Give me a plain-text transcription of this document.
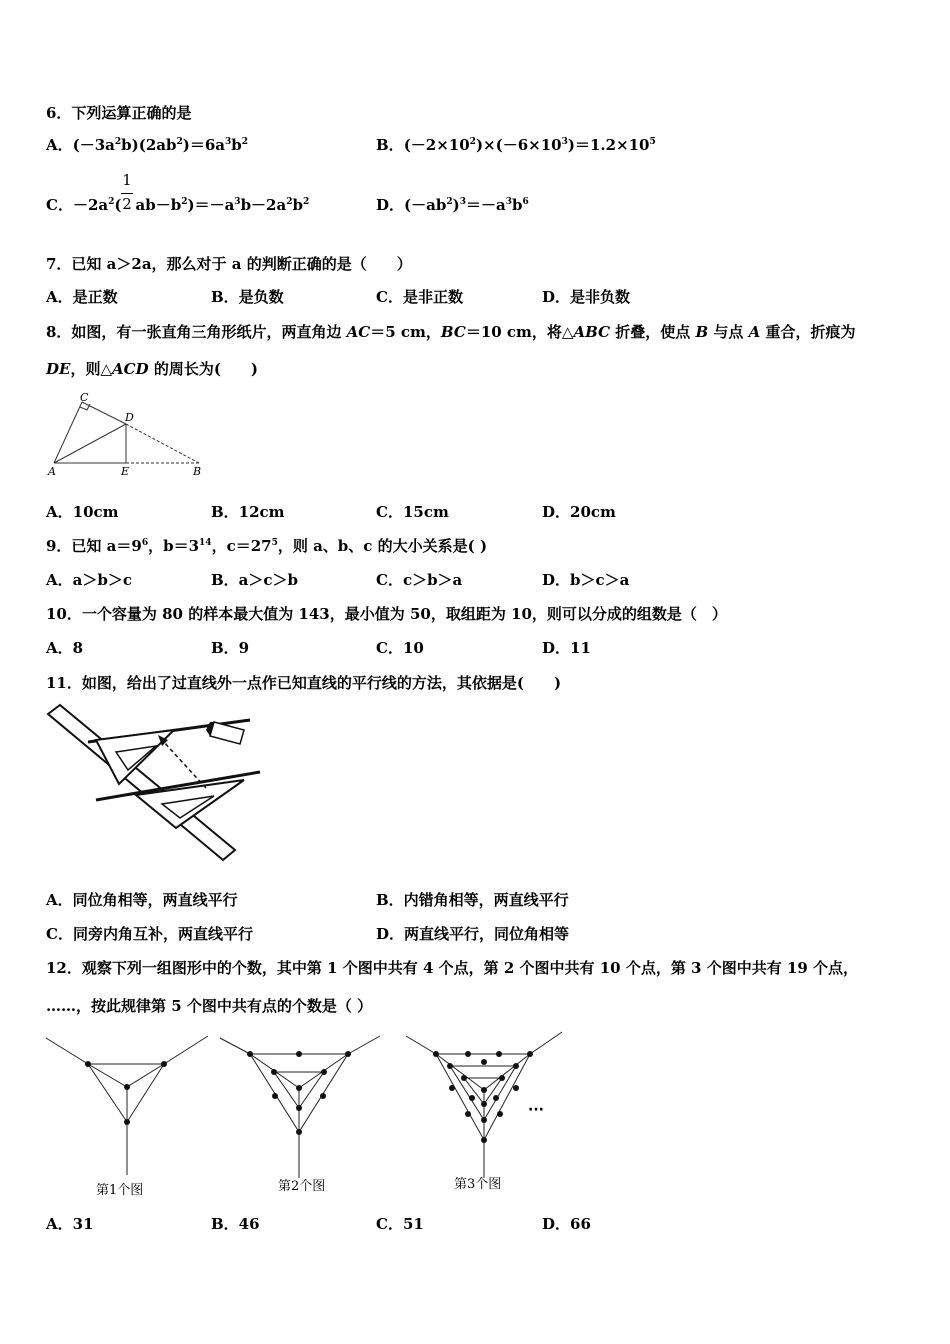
6．下列运算正确的是
A．$(-3a^2b)(2ab^2)=6a^3b^2$	B．$(-2\times 10^2)\times(-6\times 10^3)=1.2\times 10^5$
1
2
C．$-2a^2$( $ab-b^2)=-a^3b-2a^2b^2$	D．$(-ab^2)^3=-a^3b^6$
7．已知 a＞2a，那么对于 a 的判断正确的是（　　）
A．是正数	B．是负数	C．是非正数	D．是非负数
8．如图，有一张直角三角形纸片，两直角边 AC＝5 cm，BC＝10 cm，将△ABC 折叠，使点 B 与点 A 重合，折痕为
DE，则△ACD 的周长为(　　)
C
D
A	E	B
A．10cm	B．12cm	C．15cm	D．20cm
9．已知 $a=9^6$，$b=3^{14}$，$c=27^5$，则 a、b、c 的大小关系是( )
A．a＞b＞c	B．a＞c＞b	C．c＞b＞a	D．b＞c＞a
10．一个容量为 80 的样本最大值为 143，最小值为 50，取组距为 10，则可以分成的组数是（　）
A．8	B．9	C．10	D．11
11．如图，给出了过直线外一点作已知直线的平行线的方法，其依据是(　　)
A．同位角相等，两直线平行	B．内错角相等，两直线平行
C．同旁内角互补，两直线平行	D．两直线平行，同位角相等
12．观察下列一组图形中的个数，其中第 1 个图中共有 4 个点，第 2 个图中共有 10 个点，第 3 个图中共有 19 个点，
……，按此规律第 5 个图中共有点的个数是（ ）
第1个图	第2个图	第3个图
···
A．31	B．46	C．51	D．66
